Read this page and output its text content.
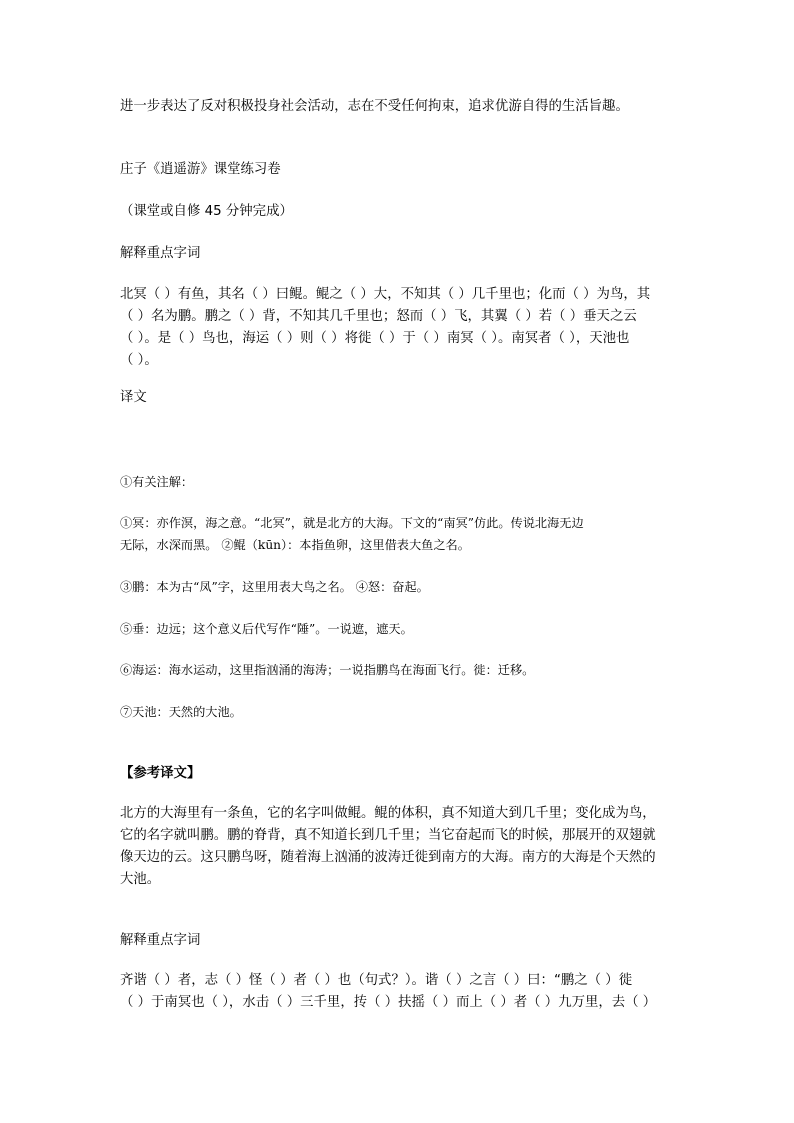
进一步表达了反对积极投身社会活动，志在不受任何拘束，追求优游自得的生活旨趣。
庄子《逍遥游》课堂练习卷
（课堂或自修 45 分钟完成）
解释重点字词
北冥（ ）有鱼，其名（ ）曰鲲。鲲之（ ）大，不知其（ ）几千里也；化而（ ）为鸟，其
（ ）名为鹏。鹏之（ ）背，不知其几千里也；怒而（ ）飞，其翼（ ）若（ ）垂天之云
（ ）。是（ ）鸟也，海运（ ）则（ ）将徙（ ）于（ ）南冥（ ）。南冥者（ ），天池也
（ ）。
译文
①有关注解：
①冥：亦作溟，海之意。“北冥”，就是北方的大海。下文的“南冥”仿此。传说北海无边
无际，水深而黑。 ②鲲（kūn）：本指鱼卵，这里借表大鱼之名。
③鹏：本为古“凤”字，这里用表大鸟之名。 ④怒：奋起。
⑤垂：边远；这个意义后代写作“陲”。一说遮，遮天。
⑥海运：海水运动，这里指汹涌的海涛；一说指鹏鸟在海面飞行。徙：迁移。
⑦天池：天然的大池。
【参考译文】
北方的大海里有一条鱼，它的名字叫做鲲。鲲的体积，真不知道大到几千里；变化成为鸟，
它的名字就叫鹏。鹏的脊背，真不知道长到几千里；当它奋起而飞的时候，那展开的双翅就
像天边的云。这只鹏鸟呀，随着海上汹涌的波涛迁徙到南方的大海。南方的大海是个天然的
大池。
解释重点字词
齐谐（ ）者，志（ ）怪（ ）者（ ）也（句式？）。谐（ ）之言（ ）曰：“鹏之（ ）徙
（ ）于南冥也（ ），水击（ ）三千里，抟（ ）扶摇（ ）而上（ ）者（ ）九万里，去（ ）
